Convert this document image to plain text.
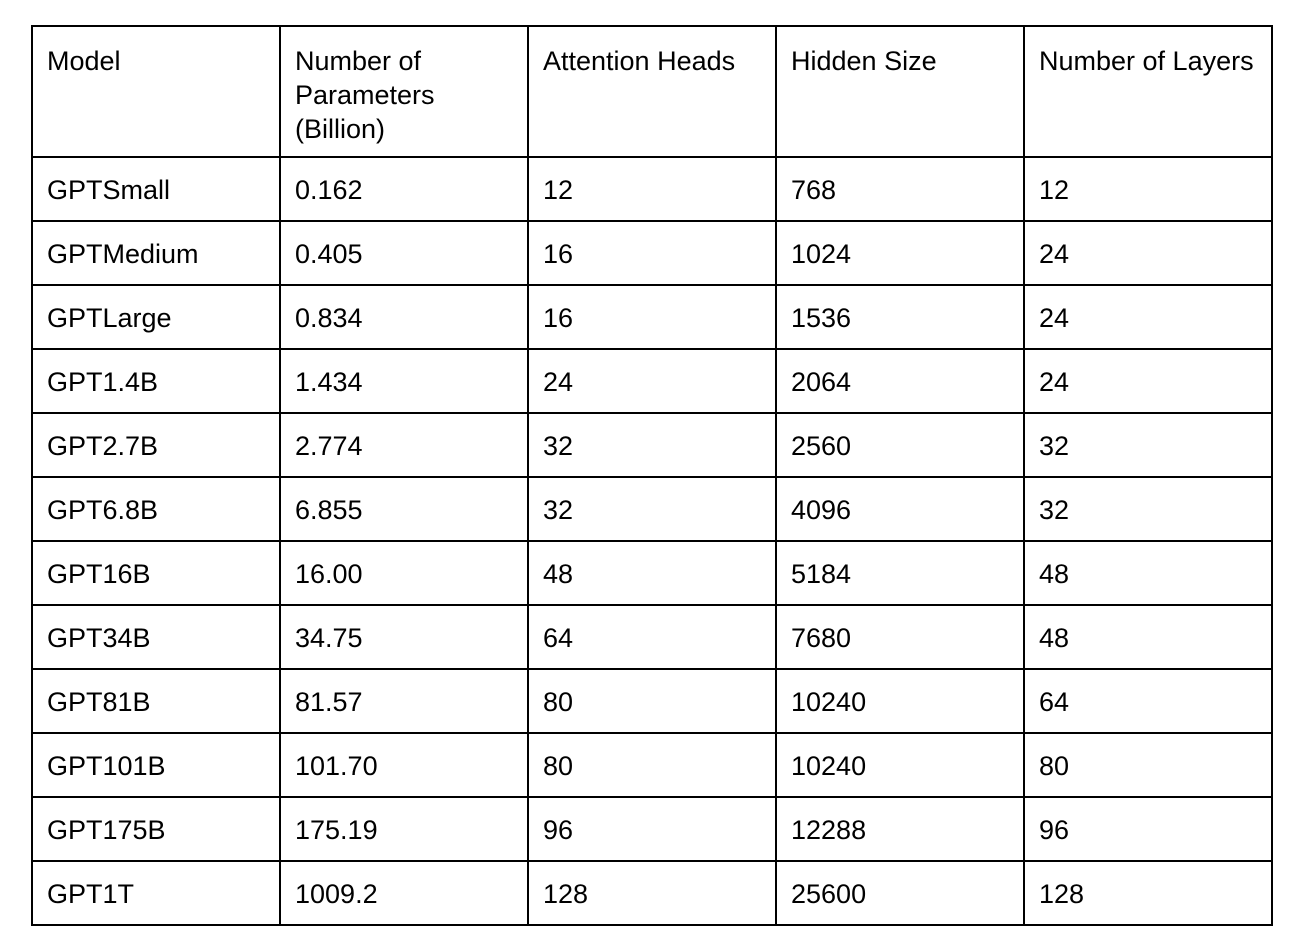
Model	Number of Parameters (Billion)	Attention Heads	Hidden Size	Number of Layers

GPTSmall	0.162	12	768	12
GPTMedium	0.405	16	1024	24
GPTLarge	0.834	16	1536	24
GPT1.4B	1.434	24	2064	24
GPT2.7B	2.774	32	2560	32
GPT6.8B	6.855	32	4096	32
GPT16B	16.00	48	5184	48
GPT34B	34.75	64	7680	48
GPT81B	81.57	80	10240	64
GPT101B	101.70	80	10240	80
GPT175B	175.19	96	12288	96
GPT1T	1009.2	128	25600	128
